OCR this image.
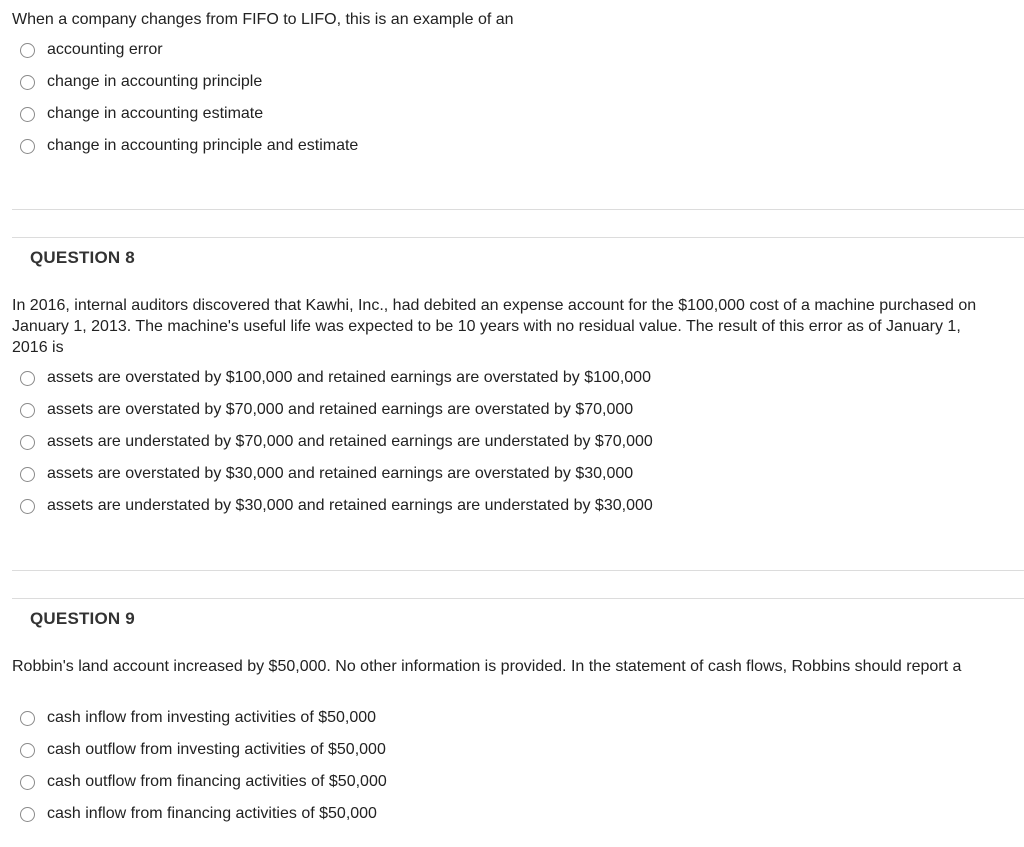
When a company changes from FIFO to LIFO, this is an example of an

accounting error
change in accounting principle
change in accounting estimate
change in accounting principle and estimate

QUESTION 8

In 2016, internal auditors discovered that Kawhi, Inc., had debited an expense account for the $100,000 cost of a machine purchased on January 1, 2013. The machine's useful life was expected to be 10 years with no residual value. The result of this error as of January 1, 2016 is

assets are overstated by $100,000 and retained earnings are overstated by $100,000
assets are overstated by $70,000 and retained earnings are overstated by $70,000
assets are understated by $70,000 and retained earnings are understated by $70,000
assets are overstated by $30,000 and retained earnings are overstated by $30,000
assets are understated by $30,000 and retained earnings are understated by $30,000

QUESTION 9

Robbin's land account increased by $50,000. No other information is provided. In the statement of cash flows, Robbins should report a

cash inflow from investing activities of $50,000
cash outflow from investing activities of $50,000
cash outflow from financing activities of $50,000
cash inflow from financing activities of $50,000
